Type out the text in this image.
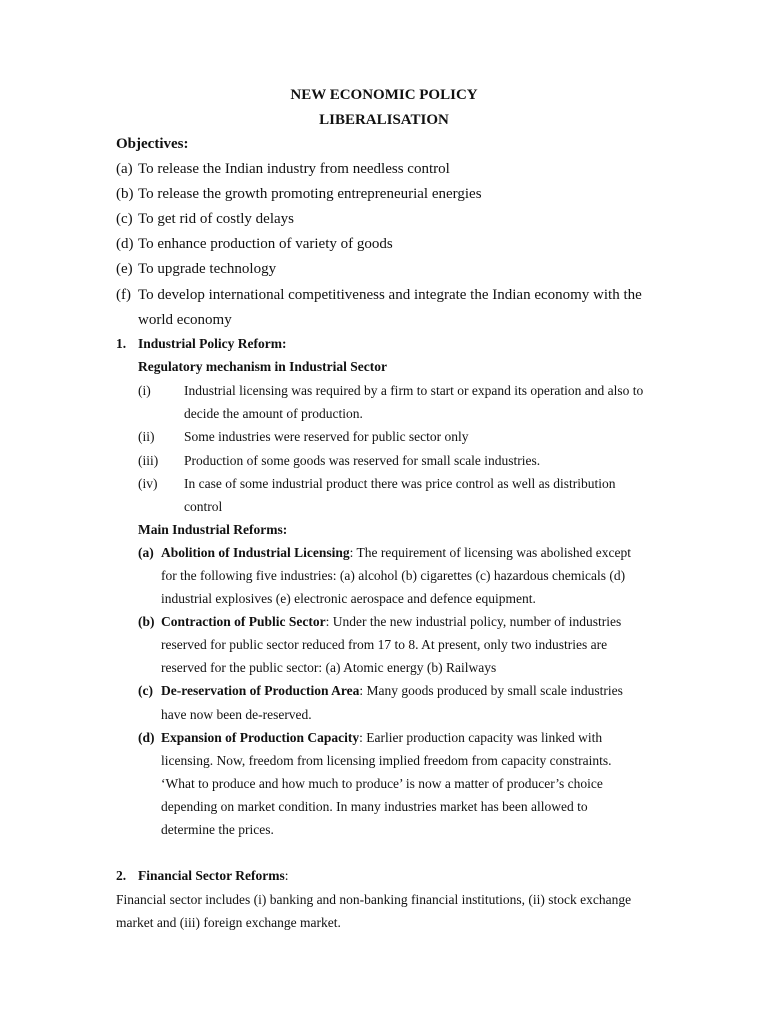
NEW ECONOMIC POLICY
LIBERALISATION
Objectives:
(a) To release the Indian industry from needless control
(b) To release the growth promoting entrepreneurial energies
(c) To get rid of costly delays
(d) To enhance production of variety of goods
(e) To upgrade technology
(f) To develop international competitiveness and integrate the Indian economy with the
world economy
1. Industrial Policy Reform:
Regulatory mechanism in Industrial Sector
(i) Industrial licensing was required by a firm to start or expand its operation and also to
decide the amount of production.
(ii) Some industries were reserved for public sector only
(iii) Production of some goods was reserved for small scale industries.
(iv) In case of some industrial product there was price control as well as distribution
control
Main Industrial Reforms:
(a) Abolition of Industrial Licensing: The requirement of licensing was abolished except
for the following five industries: (a) alcohol (b) cigarettes (c) hazardous chemicals (d)
industrial explosives (e) electronic aerospace and defence equipment.
(b) Contraction of Public Sector: Under the new industrial policy, number of industries
reserved for public sector reduced from 17 to 8. At present, only two industries are
reserved for the public sector: (a) Atomic energy (b) Railways
(c) De-reservation of Production Area: Many goods produced by small scale industries
have now been de-reserved.
(d) Expansion of Production Capacity: Earlier production capacity was linked with
licensing. Now, freedom from licensing implied freedom from capacity constraints.
‘What to produce and how much to produce’ is now a matter of producer’s choice
depending on market condition. In many industries market has been allowed to
determine the prices.
2. Financial Sector Reforms:
Financial sector includes (i) banking and non-banking financial institutions, (ii) stock exchange
market and (iii) foreign exchange market.
